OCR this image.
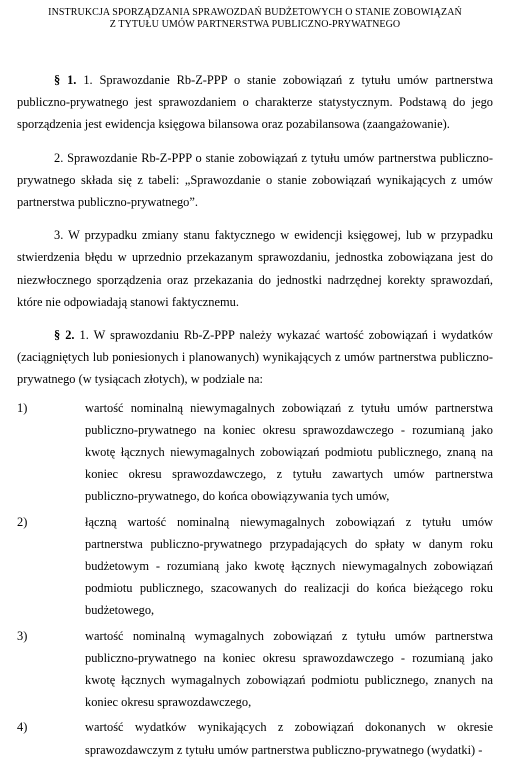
INSTRUKCJA SPORZĄDZANIA SPRAWOZDAŃ BUDŻETOWYCH O STANIE ZOBOWIĄZAŃ
Z TYTUŁU UMÓW PARTNERSTWA PUBLICZNO-PRYWATNEGO

§ 1. 1. Sprawozdanie Rb-Z-PPP o stanie zobowiązań z tytułu umów partnerstwa publiczno-prywatnego jest sprawozdaniem o charakterze statystycznym. Podstawą do jego sporządzenia jest ewidencja księgowa bilansowa oraz pozabilansowa (zaangażowanie).

2. Sprawozdanie Rb-Z-PPP o stanie zobowiązań z tytułu umów partnerstwa publiczno-prywatnego składa się z tabeli: „Sprawozdanie o stanie zobowiązań wynikających z umów partnerstwa publiczno-prywatnego”.

3. W przypadku zmiany stanu faktycznego w ewidencji księgowej, lub w przypadku stwierdzenia błędu w uprzednio przekazanym sprawozdaniu, jednostka zobowiązana jest do niezwłocznego sporządzenia oraz przekazania do jednostki nadrzędnej korekty sprawozdań, które nie odpowiadają stanowi faktycznemu.

§ 2. 1. W sprawozdaniu Rb-Z-PPP należy wykazać wartość zobowiązań i wydatków (zaciągniętych lub poniesionych i planowanych) wynikających z umów partnerstwa publiczno-prywatnego (w tysiącach złotych), w podziale na:

1)	wartość nominalną niewymagalnych zobowiązań z tytułu umów partnerstwa publiczno-prywatnego na koniec okresu sprawozdawczego - rozumianą jako kwotę łącznych niewymagalnych zobowiązań podmiotu publicznego, znaną na koniec okresu sprawozdawczego, z tytułu zawartych umów partnerstwa publiczno-prywatnego, do końca obowiązywania tych umów,
2)	łączną wartość nominalną niewymagalnych zobowiązań z tytułu umów partnerstwa publiczno-prywatnego przypadających do spłaty w danym roku budżetowym - rozumianą jako kwotę łącznych niewymagalnych zobowiązań podmiotu publicznego, szacowanych do realizacji do końca bieżącego roku budżetowego,
3)	wartość nominalną wymagalnych zobowiązań z tytułu umów partnerstwa publiczno-prywatnego na koniec okresu sprawozdawczego - rozumianą jako kwotę łącznych wymagalnych zobowiązań podmiotu publicznego, znanych na koniec okresu sprawozdawczego,
4)	wartość wydatków wynikających z zobowiązań dokonanych w okresie sprawozdawczym z tytułu umów partnerstwa publiczno-prywatnego (wydatki) -
